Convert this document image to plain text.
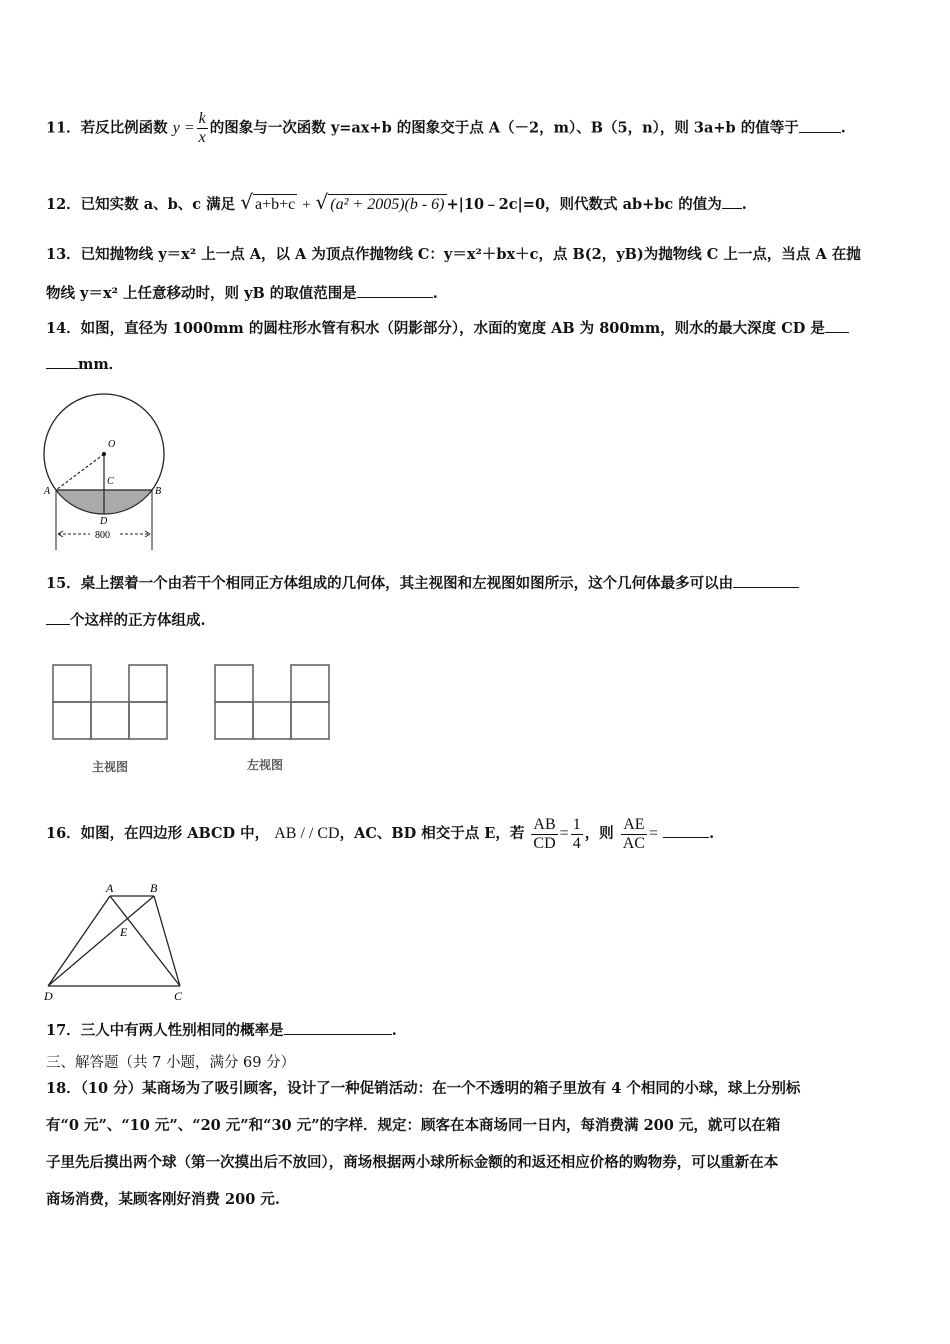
11．若反比例函数 $y = \frac{k}{x}$ 的图象与一次函数 y=ax+b 的图象交于点 A（－2，m）、B（5，n），则 3a+b 的值等于	.
12．已知实数 a、b、c 满足 √ a+b+c + √ (a² + 2005)(b - 6) +|10﹣2c|=0，则代数式 ab+bc 的值为 .
13．已知抛物线 y＝x² 上一点 A，以 A 为顶点作抛物线 C：y＝x²＋bx＋c，点 B(2，yB)为抛物线 C 上一点，当点 A 在抛
物线 y＝x² 上任意移动时，则 yB 的取值范围是	.
14．如图，直径为 1000mm 的圆柱形水管有积水（阴影部分），水面的宽度 AB 为 800mm，则水的最大深度 CD 是
mm．
O
C
A	B
D
800
15．桌上摆着一个由若干个相同正方体组成的几何体，其主视图和左视图如图所示，这个几何体最多可以由
个这样的正方体组成.
主视图	左视图
16．如图，在四边形 ABCD 中， AB / / CD，AC、BD 相交于点 E，若 $\frac{AB}{CD} = \frac{1}{4}$ ，则 $\frac{AE}{AC}$ =	.
A	B
C
D
E
17．三人中有两人性别相同的概率是	.
三、解答题（共 7 小题，满分 69 分）
18．（10 分）某商场为了吸引顾客，设计了一种促销活动：在一个不透明的箱子里放有 4 个相同的小球，球上分别标
有“0 元”、“10 元”、“20 元”和“30 元”的字样．规定：顾客在本商场同一日内，每消费满 200 元，就可以在箱
子里先后摸出两个球（第一次摸出后不放回），商场根据两小球所标金额的和返还相应价格的购物券，可以重新在本
商场消费，某顾客刚好消费 200 元.
